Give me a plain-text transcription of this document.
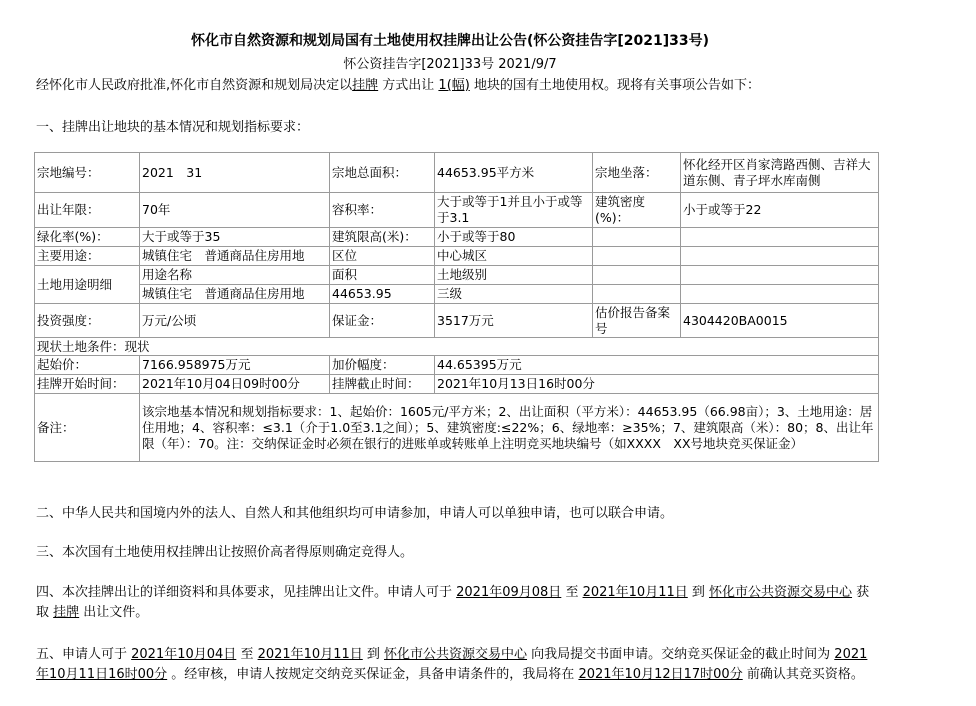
怀化市自然资源和规划局国有土地使用权挂牌出让公告(怀公资挂告字[2021]33号)
怀公资挂告字[2021]33号 2021/9/7
经怀化市人民政府批准,怀化市自然资源和规划局决定以挂牌 方式出让 1(幅) 地块的国有土地使用权。现将有关事项公告如下：
一、挂牌出让地块的基本情况和规划指标要求：
宗地编号：	2021　31	宗地总面积：	44653.95平方米	宗地坐落：	怀化经开区肖家湾路西侧、吉祥大道东侧、青子坪水库南侧
出让年限：	70年	容积率：	大于或等于1并且小于或等于3.1	建筑密度(%)：	小于或等于22
绿化率(%)：	大于或等于35	建筑限高(米)：	小于或等于80		
主要用途：	城镇住宅　普通商品住房用地	区位	中心城区		
土地用途明细	用途名称	面积	土地级别		
	城镇住宅　普通商品住房用地	44653.95	三级		
投资强度：	万元/公顷	保证金：	3517万元	估价报告备案号	4304420BA0015
现状土地条件：现状					
起始价：	7166.958975万元	加价幅度：	44.65395万元		
挂牌开始时间：	2021年10月04日09时00分	挂牌截止时间：	2021年10月13日16时00分		
备注：	该宗地基本情况和规划指标要求：1、起始价：1605元/平方米；2、出让面积（平方米）：44653.95（66.98亩）；3、土地用途：居住用地；4、容积率：≤3.1（介于1.0至3.1之间）；5、建筑密度:≤22%；6、绿地率：≥35%；7、建筑限高（米）：80；8、出让年限（年）：70。注：交纳保证金时必须在银行的进账单或转账单上注明竞买地块编号（如XXXX　XX号地块竞买保证金）				
二、中华人民共和国境内外的法人、自然人和其他组织均可申请参加，申请人可以单独申请，也可以联合申请。
三、本次国有土地使用权挂牌出让按照价高者得原则确定竞得人。
四、本次挂牌出让的详细资料和具体要求，见挂牌出让文件。申请人可于 2021年09月08日 至 2021年10月11日 到 怀化市公共资源交易中心 获取 挂牌 出让文件。
五、申请人可于 2021年10月04日 至 2021年10月11日 到 怀化市公共资源交易中心 向我局提交书面申请。交纳竞买保证金的截止时间为 2021年10月11日16时00分 。经审核，申请人按规定交纳竞买保证金，具备申请条件的，我局将在 2021年10月12日17时00分 前确认其竞买资格。
